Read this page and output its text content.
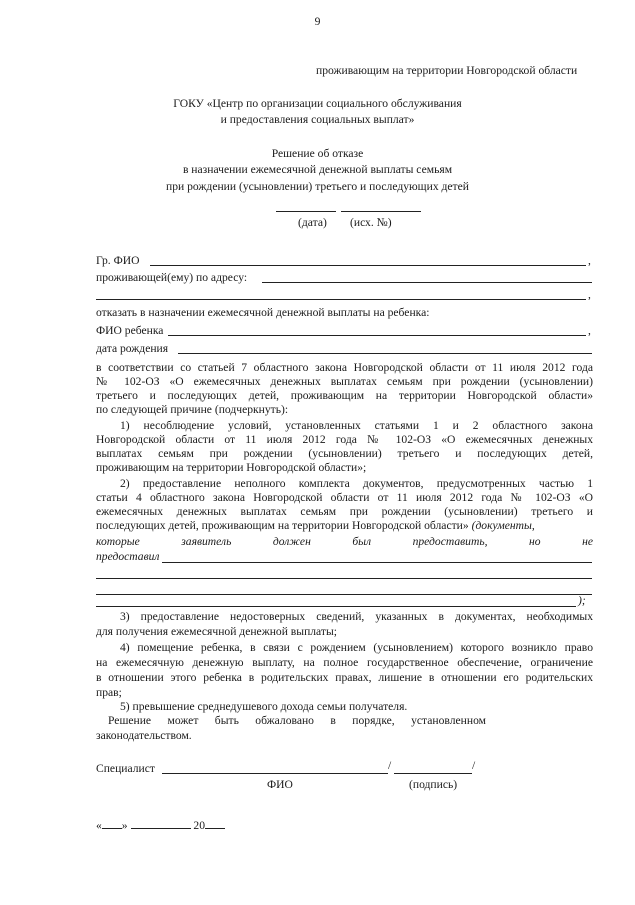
9
проживающим на территории Новгородской области
ГОКУ «Центр по организации социального обслуживания
и предоставления социальных выплат»
Решение об отказе
в назначении ежемесячной денежной выплаты семьям
при рождении (усыновлении) третьего и последующих детей
(дата) (исх. №)
Гр. ФИО	,
проживающей(ему) по адресу:
,
отказать в назначении ежемесячной денежной выплаты на ребенка:
ФИО ребенка	,
дата рождения
в соответствии со статьей 7 областного закона Новгородской области от 11 июля 2012 года
№ 102-ОЗ «О ежемесячных денежных выплатах семьям при рождении (усыновлении)
третьего и последующих детей, проживающим на территории Новгородской области»
по следующей причине (подчеркнуть):
1) несоблюдение условий, установленных статьями 1 и 2 областного закона
Новгородской области от 11 июля 2012 года № 102-ОЗ «О ежемесячных денежных
выплатах семьям при рождении (усыновлении) третьего и последующих детей,
проживающим на территории Новгородской области»;
2) предоставление неполного комплекта документов, предусмотренных частью 1
статьи 4 областного закона Новгородской области от 11 июля 2012 года № 102-ОЗ «О
ежемесячных денежных выплатах семьям при рождении (усыновлении) третьего и
последующих детей, проживающим на территории Новгородской области» (документы,
которые заявитель должен был предоставить, но не
предоставил
);
3) предоставление недостоверных сведений, указанных в документах, необходимых
для получения ежемесячной денежной выплаты;
4) помещение ребенка, в связи с рождением (усыновлением) которого возникло право
на ежемесячную денежную выплату, на полное государственное обеспечение, ограничение
в отношении этого ребенка в родительских правах, лишение в отношении его родительских
прав;
5) превышение среднедушевого дохода семьи получателя.
Решение может быть обжаловано в порядке, установленном
законодательством.
Специалист	/	/
ФИО	(подпись)
« »	20
